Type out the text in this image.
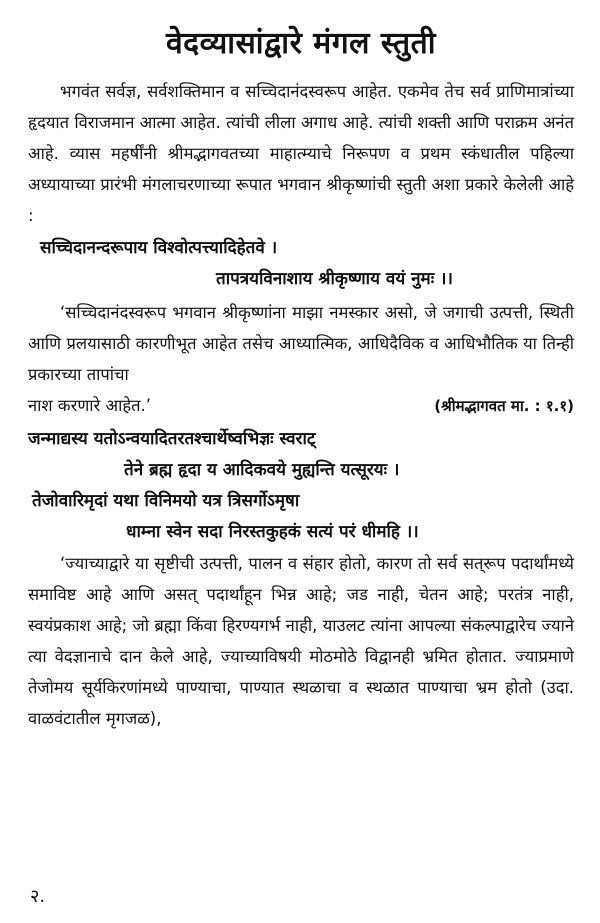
वेदव्यासांद्वारे मंगल स्तुती

भगवंत सर्वज्ञ, सर्वशक्तिमान व सच्चिदानंदस्वरूप आहेत. एकमेव तेच सर्व प्राणिमात्रांच्या हृदयात विराजमान आत्मा आहेत. त्यांची लीला अगाध आहे. त्यांची शक्ती आणि पराक्रम अनंत आहे. व्यास महर्षींनी श्रीमद्भागवतच्या माहात्म्याचे निरूपण व प्रथम स्कंधातील पहिल्या अध्यायाच्या प्रारंभी मंगलाचरणाच्या रूपात भगवान श्रीकृष्णांची स्तुती अशा प्रकारे केलेली आहे :

सच्चिदानन्दरूपाय विश्वोत्पत्त्यादिहेतवे ।
तापत्रयविनाशाय श्रीकृष्णाय वयं नुमः ।।

‘सच्चिदानंदस्वरूप भगवान श्रीकृष्णांना माझा नमस्कार असो, जे जगाची उत्पत्ती, स्थिती आणि प्रलयासाठी कारणीभूत आहेत तसेच आध्यात्मिक, आधिदैविक व आधिभौतिक या तिन्ही प्रकारच्या तापांचा

नाश करणारे आहेत.’	(श्रीमद्भागवत मा. : १.१)
जन्माद्यस्य यतोऽन्वयादितरतश्चार्थेष्वभिज्ञः स्वराट्
तेने ब्रह्म हृदा य आदिकवये मुह्यन्ति यत्सूरयः ।
तेजोवारिमृदां यथा विनिमयो यत्र त्रिसर्गोऽमृषा
धाम्ना स्वेन सदा निरस्तकुहकं सत्यं परं धीमहि ।।

‘ज्याच्याद्वारे या सृष्टीची उत्पत्ती, पालन व संहार होतो, कारण तो सर्व सत्‌रूप पदार्थांमध्ये समाविष्ट आहे आणि असत् पदार्थांहून भिन्न आहे; जड नाही, चेतन आहे; परतंत्र नाही, स्वयंप्रकाश आहे; जो ब्रह्मा किंवा हिरण्यगर्भ नाही, याउलट त्यांना आपल्या संकल्पाद्वारेच ज्याने त्या वेदज्ञानाचे दान केले आहे, ज्याच्याविषयी मोठमोठे विद्वानही भ्रमित होतात. ज्याप्रमाणे तेजोमय सूर्यकिरणांमध्ये पाण्याचा, पाण्यात स्थळाचा व स्थळात पाण्याचा भ्रम होतो (उदा. वाळवंटातील मृगजळ),

२.
